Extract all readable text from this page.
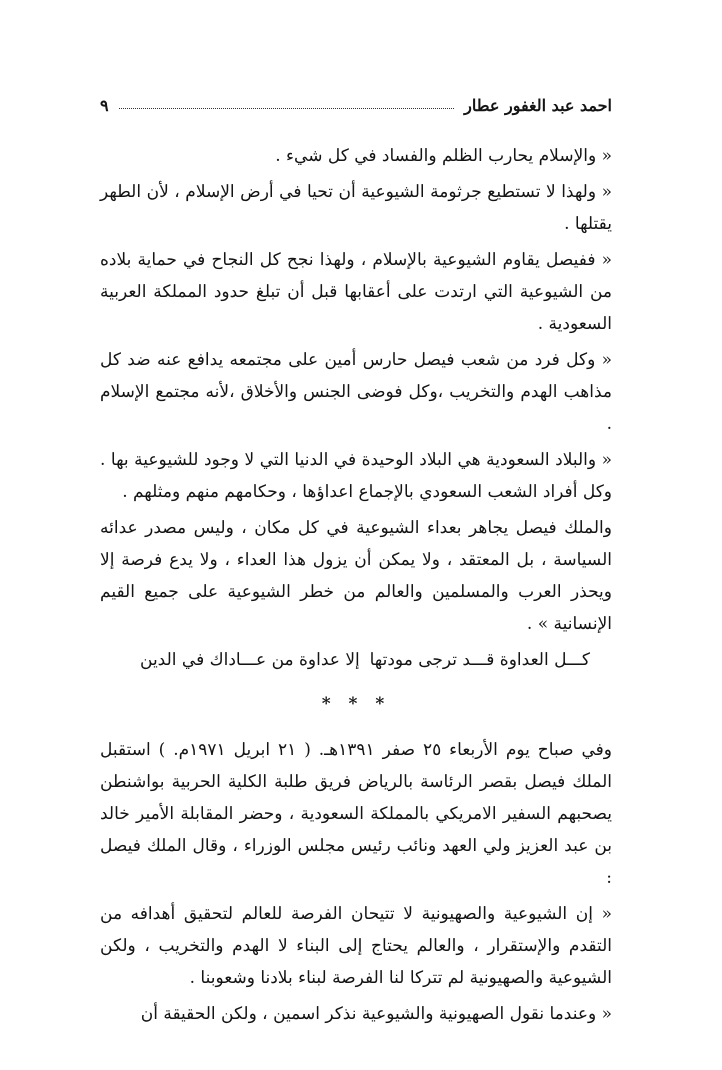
احمد عبد الغفور عطار
٩

« والإسلام يحارب الظلم والفساد في كل شيء .

« ولهذا لا تستطيع جرثومة الشيوعية أن تحيا في أرض الإسلام ، لأن الطهر يقتلها .

« ففيصل يقاوم الشيوعية بالإسلام ، ولهذا نجح كل النجاح في حماية بلاده من الشيوعية التي ارتدت على أعقابها قبل أن تبلغ حدود المملكة العربية السعودية .

« وكل فرد من شعب فيصل حارس أمين على مجتمعه يدافع عنه ضد كل مذاهب الهدم والتخريب ،وكل فوضى الجنس والأخلاق ،لأنه مجتمع الإسلام .

« والبلاد السعودية هي البلاد الوحيدة في الدنيا التي لا وجود للشيوعية بها . وكل أفراد الشعب السعودي بالإجماع اعداؤها ، وحكامهم منهم ومثلهم .

والملك فيصل يجاهر بعداء الشيوعية في كل مكان ، وليس مصدر عدائه السياسة ، بل المعتقد ، ولا يمكن أن يزول هذا العداء ، ولا يدع فرصة إلا ويحذر العرب والمسلمين والعالم من خطر الشيوعية على جميع القيم الإنسانية » .

كـــل العداوة قـــد ترجى مودتها
إلا عداوة من عـــاداك في الدين
* * *

وفي صباح يوم الأربعاء ٢٥ صفر ١٣٩١هـ. ( ٢١ ابريل ١٩٧١م. ) استقبل الملك فيصل بقصر الرئاسة بالرياض فريق طلبة الكلية الحربية بواشنطن يصحبهم السفير الامريكي بالمملكة السعودية ، وحضر المقابلة الأمير خالد بن عبد العزيز ولي العهد ونائب رئيس مجلس الوزراء ، وقال الملك فيصل :

« إن الشيوعية والصهيونية لا تتيحان الفرصة للعالم لتحقيق أهدافه من التقدم والإستقرار ، والعالم يحتاج إلى البناء لا الهدم والتخريب ، ولكن الشيوعية والصهيونية لم تتركا لنا الفرصة لبناء بلادنا وشعوبنا .

« وعندما نقول الصهيونية والشيوعية نذكر اسمين ، ولكن الحقيقة أن
